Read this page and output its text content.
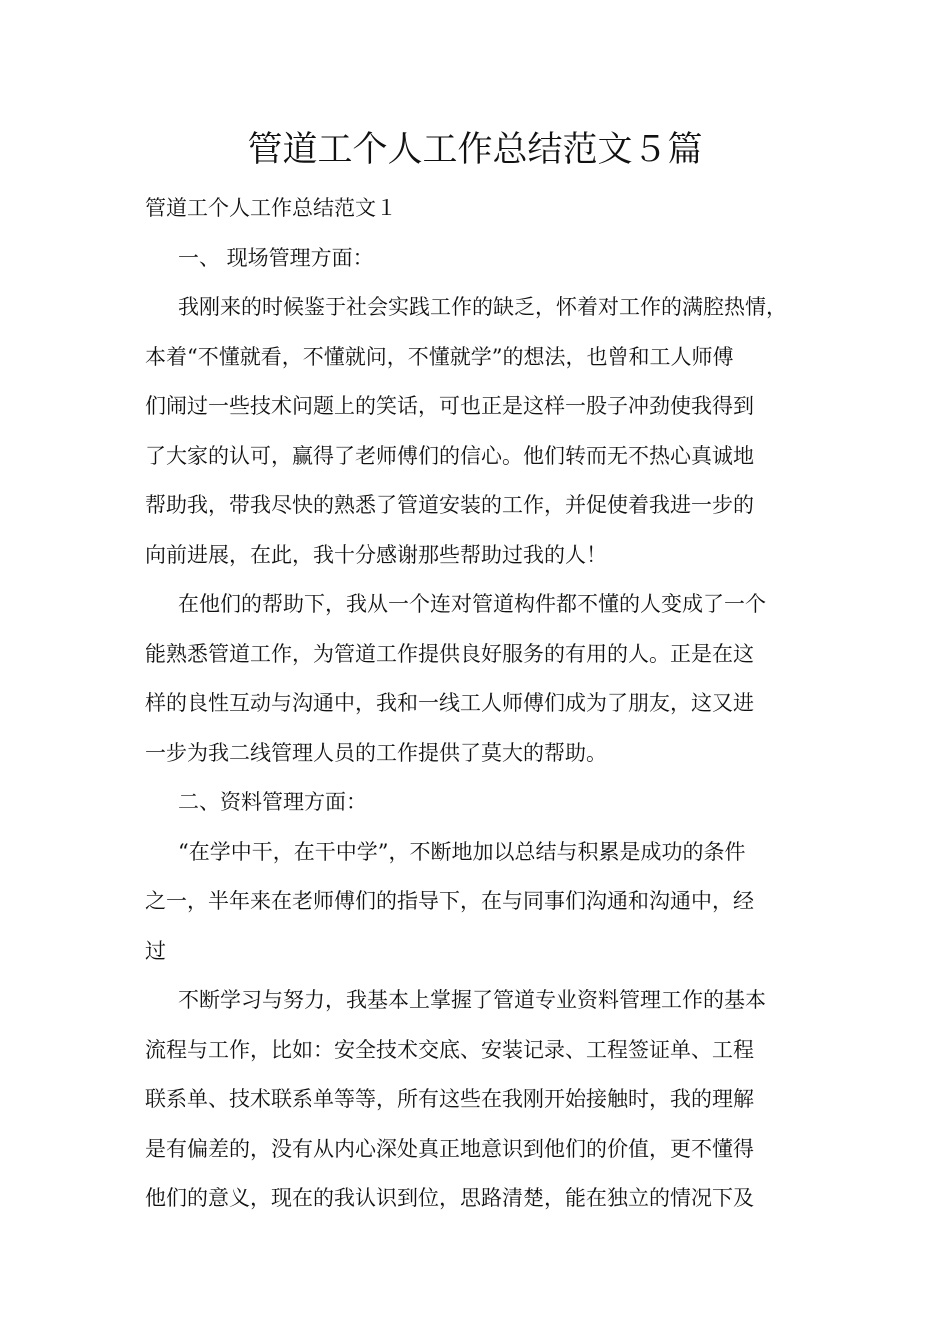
管道工个人工作总结范文５篇
管道工个人工作总结范文１
一、 现场管理方面：
我刚来的时候鉴于社会实践工作的缺乏，怀着对工作的满腔热情，
本着“不懂就看，不懂就问，不懂就学”的想法，也曾和工人师傅
们闹过一些技术问题上的笑话，可也正是这样一股子冲劲使我得到
了大家的认可，赢得了老师傅们的信心。他们转而无不热心真诚地
帮助我，带我尽快的熟悉了管道安装的工作，并促使着我进一步的
向前进展，在此，我十分感谢那些帮助过我的人！
在他们的帮助下，我从一个连对管道构件都不懂的人变成了一个
能熟悉管道工作，为管道工作提供良好服务的有用的人。正是在这
样的良性互动与沟通中，我和一线工人师傅们成为了朋友，这又进
一步为我二线管理人员的工作提供了莫大的帮助。
二、资料管理方面：
“在学中干，在干中学”，不断地加以总结与积累是成功的条件
之一，半年来在老师傅们的指导下，在与同事们沟通和沟通中，经
过
不断学习与努力，我基本上掌握了管道专业资料管理工作的基本
流程与工作，比如：安全技术交底、安装记录、工程签证单、工程
联系单、技术联系单等等，所有这些在我刚开始接触时，我的理解
是有偏差的，没有从内心深处真正地意识到他们的价值，更不懂得
他们的意义，现在的我认识到位，思路清楚，能在独立的情况下及
